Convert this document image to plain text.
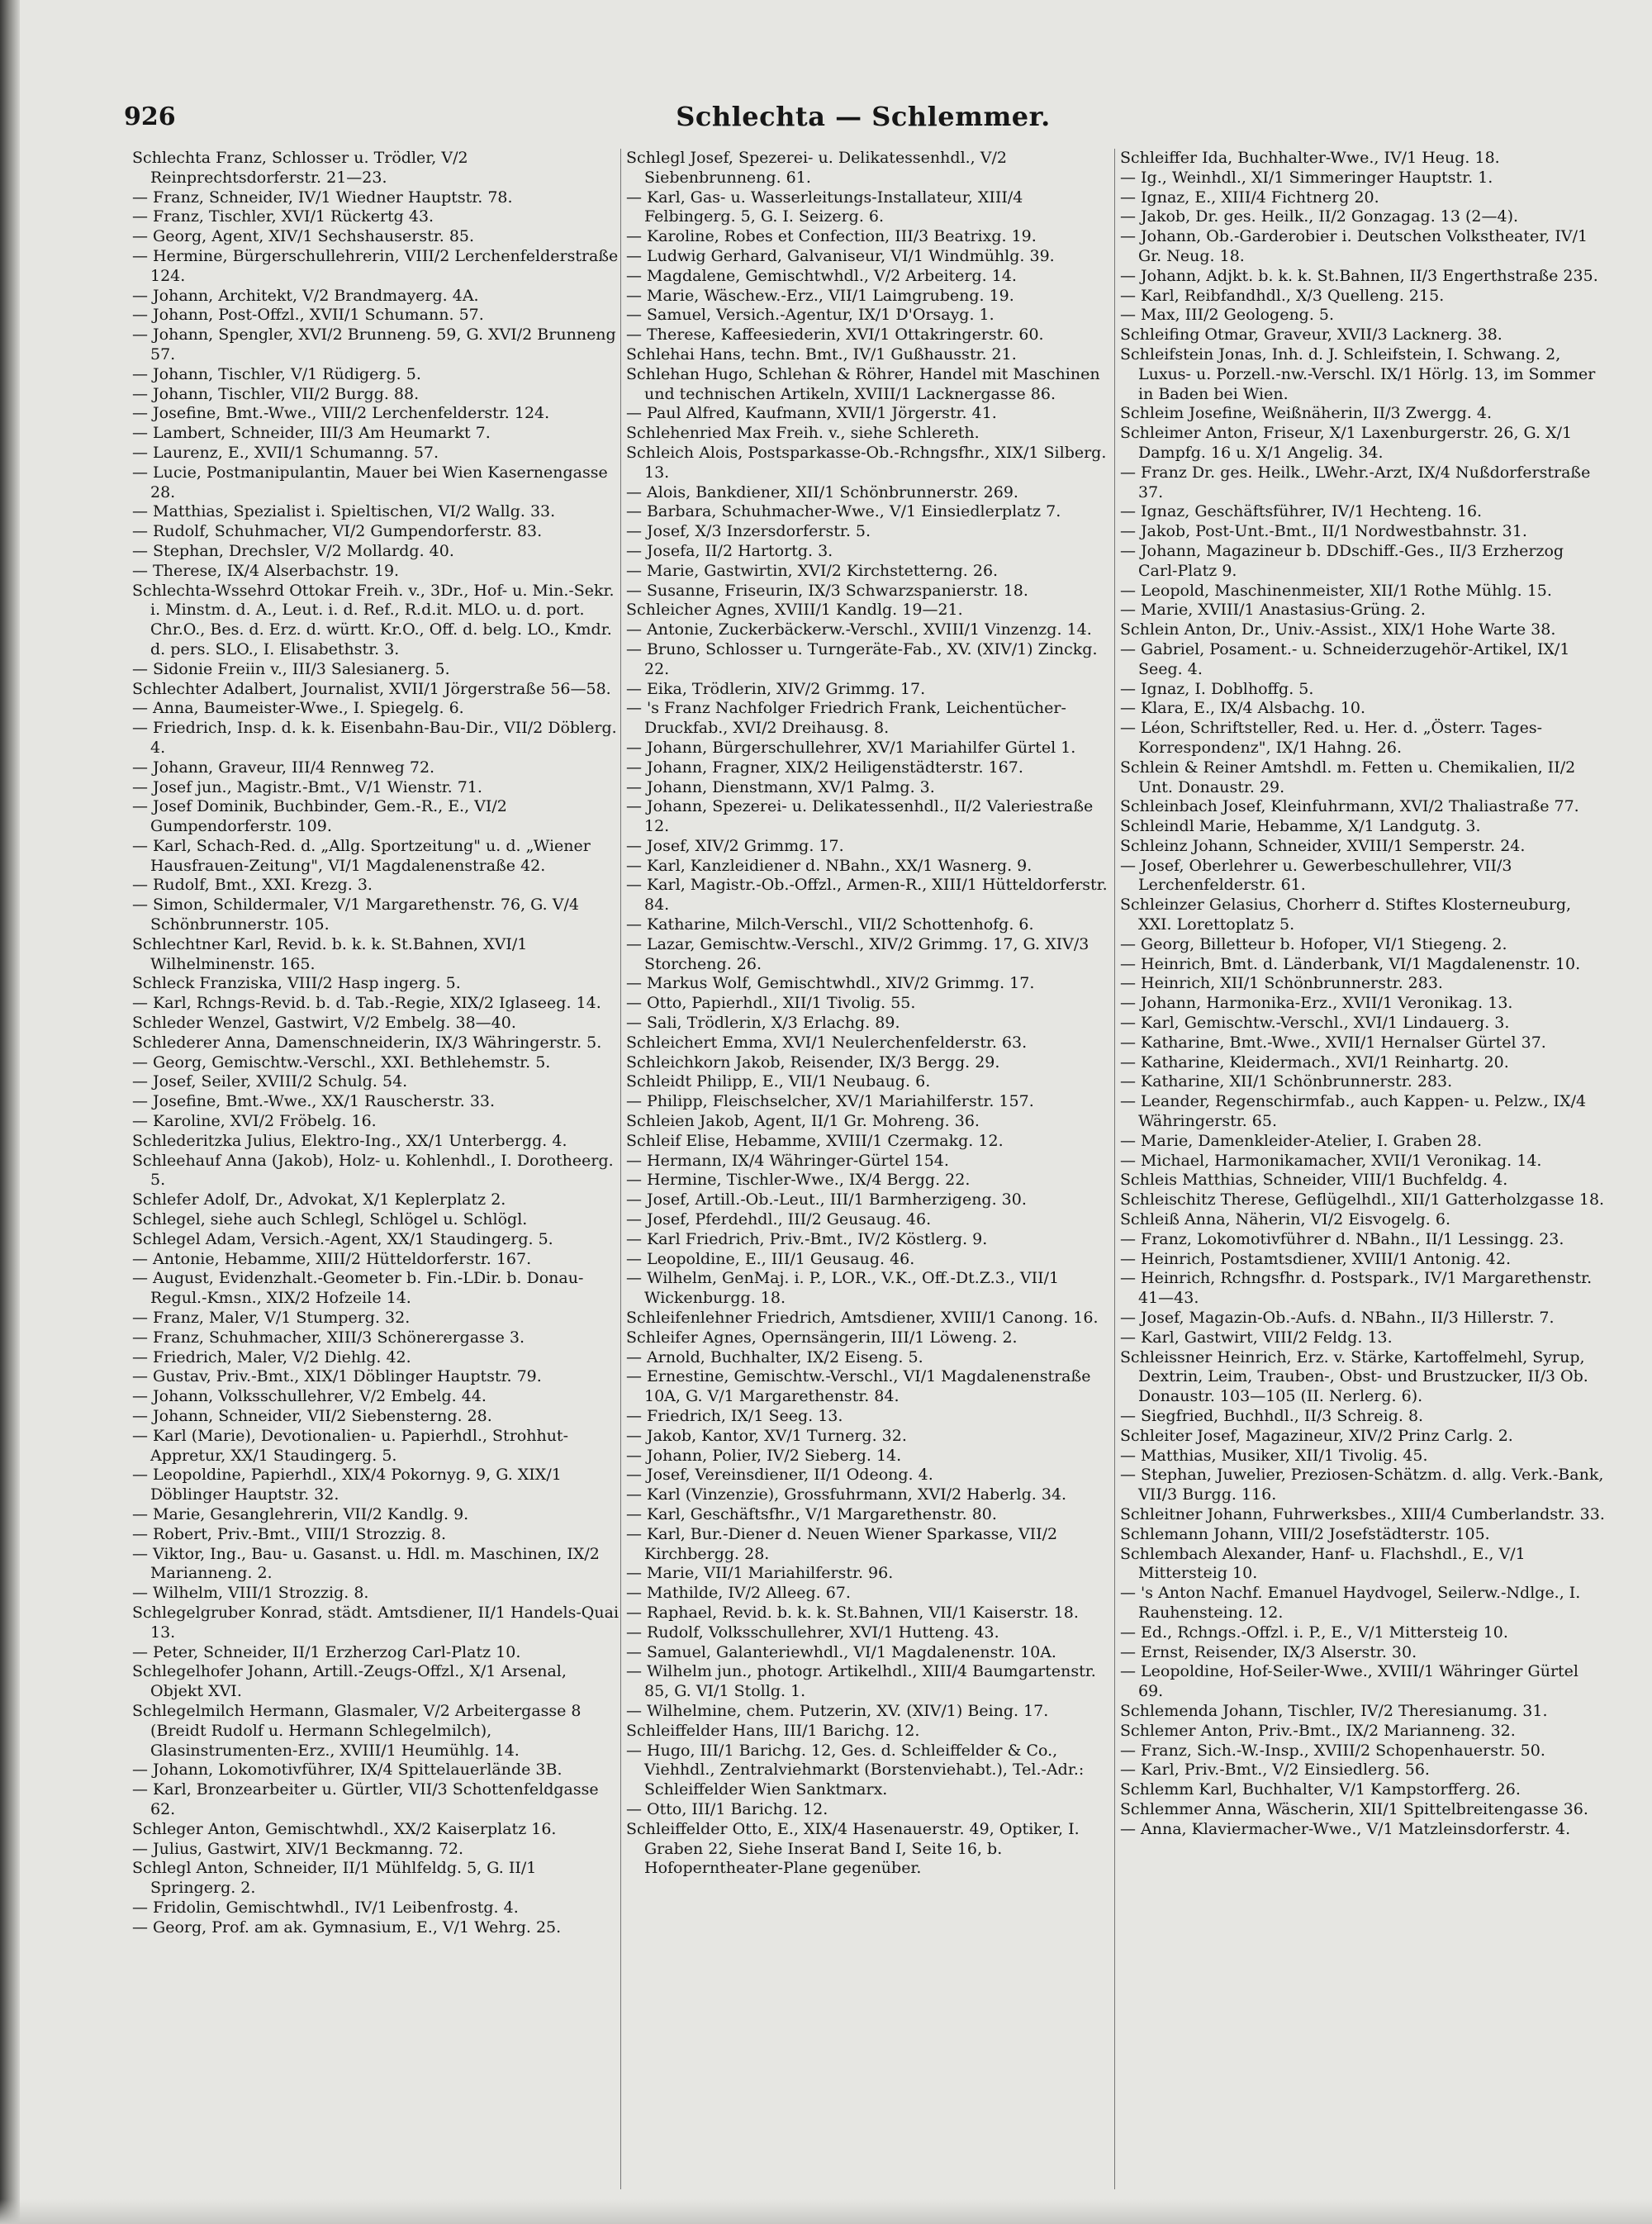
926	Schlechta — Schlemmer.

Schlechta Franz, Schlosser u. Trödler, V/2 Reinprechtsdorferstr. 21—23.

— Franz, Schneider, IV/1 Wiedner Hauptstr. 78.

— Franz, Tischler, XVI/1 Rückertg 43.

— Georg, Agent, XIV/1 Sechshauserstr. 85.

— Hermine, Bürgerschullehrerin, VIII/2 Lerchenfelderstraße 124.

— Johann, Architekt, V/2 Brandmayerg. 4A.

— Johann, Post-Offzl., XVII/1 Schumann. 57.

— Johann, Spengler, XVI/2 Brunneng. 59, G. XVI/2 Brunneng 57.

— Johann, Tischler, V/1 Rüdigerg. 5.

— Johann, Tischler, VII/2 Burgg. 88.

— Josefine, Bmt.-Wwe., VIII/2 Lerchenfelderstr. 124.

— Lambert, Schneider, III/3 Am Heumarkt 7.

— Laurenz, E., XVII/1 Schumanng. 57.

— Lucie, Postmanipulantin, Mauer bei Wien Kasernengasse 28.

— Matthias, Spezialist i. Spieltischen, VI/2 Wallg. 33.

— Rudolf, Schuhmacher, VI/2 Gumpendorferstr. 83.

— Stephan, Drechsler, V/2 Mollardg. 40.

— Therese, IX/4 Alserbachstr. 19.

Schlechta-Wssehrd Ottokar Freih. v., 3Dr., Hof- u. Min.-Sekr. i. Minstm. d. A., Leut. i. d. Ref., R.d.it. MLO. u. d. port. Chr.O., Bes. d. Erz. d. württ. Kr.O., Off. d. belg. LO., Kmdr. d. pers. SLO., I. Elisabethstr. 3.

— Sidonie Freiin v., III/3 Salesianerg. 5.

Schlechter Adalbert, Journalist, XVII/1 Jörgerstraße 56—58.

— Anna, Baumeister-Wwe., I. Spiegelg. 6.

— Friedrich, Insp. d. k. k. Eisenbahn-Bau-Dir., VII/2 Döblerg. 4.

— Johann, Graveur, III/4 Rennweg 72.

— Josef jun., Magistr.-Bmt., V/1 Wienstr. 71.

— Josef Dominik, Buchbinder, Gem.-R., E., VI/2 Gumpendorferstr. 109.

— Karl, Schach-Red. d. „Allg. Sportzeitung" u. d. „Wiener Hausfrauen-Zeitung", VI/1 Magdalenenstraße 42.

— Rudolf, Bmt., XXI. Krezg. 3.

— Simon, Schildermaler, V/1 Margarethenstr. 76, G. V/4 Schönbrunnerstr. 105.

Schlechtner Karl, Revid. b. k. k. St.Bahnen, XVI/1 Wilhelminenstr. 165.

Schleck Franziska, VIII/2 Hasp ingerg. 5.

— Karl, Rchngs-Revid. b. d. Tab.-Regie, XIX/2 Iglaseeg. 14.

Schleder Wenzel, Gastwirt, V/2 Embelg. 38—40.

Schlederer Anna, Damenschneiderin, IX/3 Währingerstr. 5.

— Georg, Gemischtw.-Verschl., XXI. Bethlehemstr. 5.

— Josef, Seiler, XVIII/2 Schulg. 54.

— Josefine, Bmt.-Wwe., XX/1 Rauscherstr. 33.

— Karoline, XVI/2 Fröbelg. 16.

Schlederitzka Julius, Elektro-Ing., XX/1 Unterbergg. 4.

Schleehauf Anna (Jakob), Holz- u. Kohlenhdl., I. Dorotheerg. 5.

Schlefer Adolf, Dr., Advokat, X/1 Keplerplatz 2.

Schlegel, siehe auch Schlegl, Schlögel u. Schlögl.

Schlegel Adam, Versich.-Agent, XX/1 Staudingerg. 5.

— Antonie, Hebamme, XIII/2 Hütteldorferstr. 167.

— August, Evidenzhalt.-Geometer b. Fin.-LDir. b. Donau-Regul.-Kmsn., XIX/2 Hofzeile 14.

— Franz, Maler, V/1 Stumperg. 32.

— Franz, Schuhmacher, XIII/3 Schönerergasse 3.

— Friedrich, Maler, V/2 Diehlg. 42.

— Gustav, Priv.-Bmt., XIX/1 Döblinger Hauptstr. 79.

— Johann, Volksschullehrer, V/2 Embelg. 44.

— Johann, Schneider, VII/2 Siebensterng. 28.

— Karl (Marie), Devotionalien- u. Papierhdl., Strohhut-Appretur, XX/1 Staudingerg. 5.

— Leopoldine, Papierhdl., XIX/4 Pokornyg. 9, G. XIX/1 Döblinger Hauptstr. 32.

— Marie, Gesanglehrerin, VII/2 Kandlg. 9.

— Robert, Priv.-Bmt., VIII/1 Strozzig. 8.

— Viktor, Ing., Bau- u. Gasanst. u. Hdl. m. Maschinen, IX/2 Marianneng. 2.

— Wilhelm, VIII/1 Strozzig. 8.

Schlegelgruber Konrad, städt. Amtsdiener, II/1 Handels-Quai 13.

— Peter, Schneider, II/1 Erzherzog Carl-Platz 10.

Schlegelhofer Johann, Artill.-Zeugs-Offzl., X/1 Arsenal, Objekt XVI.

Schlegelmilch Hermann, Glasmaler, V/2 Arbeitergasse 8 (Breidt Rudolf u. Hermann Schlegelmilch), Glasinstrumenten-Erz., XVIII/1 Heumühlg. 14.

— Johann, Lokomotivführer, IX/4 Spittelauerlände 3B.

— Karl, Bronzearbeiter u. Gürtler, VII/3 Schottenfeldgasse 62.

Schleger Anton, Gemischtwhdl., XX/2 Kaiserplatz 16.

— Julius, Gastwirt, XIV/1 Beckmanng. 72.

Schlegl Anton, Schneider, II/1 Mühlfeldg. 5, G. II/1 Springerg. 2.

— Fridolin, Gemischtwhdl., IV/1 Leibenfrostg. 4.

— Georg, Prof. am ak. Gymnasium, E., V/1 Wehrg. 25.

Schlegl Josef, Spezerei- u. Delikatessenhdl., V/2 Siebenbrunneng. 61.

— Karl, Gas- u. Wasserleitungs-Installateur, XIII/4 Felbingerg. 5, G. I. Seizerg. 6.

— Karoline, Robes et Confection, III/3 Beatrixg. 19.

— Ludwig Gerhard, Galvaniseur, VI/1 Windmühlg. 39.

— Magdalene, Gemischtwhdl., V/2 Arbeiterg. 14.

— Marie, Wäschew.-Erz., VII/1 Laimgrubeng. 19.

— Samuel, Versich.-Agentur, IX/1 D'Orsayg. 1.

— Therese, Kaffeesiederin, XVI/1 Ottakringerstr. 60.

Schlehai Hans, techn. Bmt., IV/1 Gußhausstr. 21.

Schlehan Hugo, Schlehan & Röhrer, Handel mit Maschinen und technischen Artikeln, XVIII/1 Lacknergasse 86.

— Paul Alfred, Kaufmann, XVII/1 Jörgerstr. 41.

Schlehenried Max Freih. v., siehe Schlereth.

Schleich Alois, Postsparkasse-Ob.-Rchngsfhr., XIX/1 Silberg. 13.

— Alois, Bankdiener, XII/1 Schönbrunnerstr. 269.

— Barbara, Schuhmacher-Wwe., V/1 Einsiedlerplatz 7.

— Josef, X/3 Inzersdorferstr. 5.

— Josefa, II/2 Hartortg. 3.

— Marie, Gastwirtin, XVI/2 Kirchstetterng. 26.

— Susanne, Friseurin, IX/3 Schwarzspanierstr. 18.

Schleicher Agnes, XVIII/1 Kandlg. 19—21.

— Antonie, Zuckerbäckerw.-Verschl., XVIII/1 Vinzenzg. 14.

— Bruno, Schlosser u. Turngeräte-Fab., XV. (XIV/1) Zinckg. 22.

— Eika, Trödlerin, XIV/2 Grimmg. 17.

— 's Franz Nachfolger Friedrich Frank, Leichentücher-Druckfab., XVI/2 Dreihausg. 8.

— Johann, Bürgerschullehrer, XV/1 Mariahilfer Gürtel 1.

— Johann, Fragner, XIX/2 Heiligenstädterstr. 167.

— Johann, Dienstmann, XV/1 Palmg. 3.

— Johann, Spezerei- u. Delikatessenhdl., II/2 Valeriestraße 12.

— Josef, XIV/2 Grimmg. 17.

— Karl, Kanzleidiener d. NBahn., XX/1 Wasnerg. 9.

— Karl, Magistr.-Ob.-Offzl., Armen-R., XIII/1 Hütteldorferstr. 84.

— Katharine, Milch-Verschl., VII/2 Schottenhofg. 6.

— Lazar, Gemischtw.-Verschl., XIV/2 Grimmg. 17, G. XIV/3 Storcheng. 26.

— Markus Wolf, Gemischtwhdl., XIV/2 Grimmg. 17.

— Otto, Papierhdl., XII/1 Tivolig. 55.

— Sali, Trödlerin, X/3 Erlachg. 89.

Schleichert Emma, XVI/1 Neulerchenfelderstr. 63.

Schleichkorn Jakob, Reisender, IX/3 Bergg. 29.

Schleidt Philipp, E., VII/1 Neubaug. 6.

— Philipp, Fleischselcher, XV/1 Mariahilferstr. 157.

Schleien Jakob, Agent, II/1 Gr. Mohreng. 36.

Schleif Elise, Hebamme, XVIII/1 Czermakg. 12.

— Hermann, IX/4 Währinger-Gürtel 154.

— Hermine, Tischler-Wwe., IX/4 Bergg. 22.

— Josef, Artill.-Ob.-Leut., III/1 Barmherzigeng. 30.

— Josef, Pferdehdl., III/2 Geusaug. 46.

— Karl Friedrich, Priv.-Bmt., IV/2 Köstlerg. 9.

— Leopoldine, E., III/1 Geusaug. 46.

— Wilhelm, GenMaj. i. P., LOR., V.K., Off.-Dt.Z.3., VII/1 Wickenburgg. 18.

Schleifenlehner Friedrich, Amtsdiener, XVIII/1 Canong. 16.

Schleifer Agnes, Opernsängerin, III/1 Löweng. 2.

— Arnold, Buchhalter, IX/2 Eiseng. 5.

— Ernestine, Gemischtw.-Verschl., VI/1 Magdalenenstraße 10A, G. V/1 Margarethenstr. 84.

— Friedrich, IX/1 Seeg. 13.

— Jakob, Kantor, XV/1 Turnerg. 32.

— Johann, Polier, IV/2 Sieberg. 14.

— Josef, Vereinsdiener, II/1 Odeong. 4.

— Karl (Vinzenzie), Grossfuhrmann, XVI/2 Haberlg. 34.

— Karl, Geschäftsfhr., V/1 Margarethenstr. 80.

— Karl, Bur.-Diener d. Neuen Wiener Sparkasse, VII/2 Kirchbergg. 28.

— Marie, VII/1 Mariahilferstr. 96.

— Mathilde, IV/2 Alleeg. 67.

— Raphael, Revid. b. k. k. St.Bahnen, VII/1 Kaiserstr. 18.

— Rudolf, Volksschullehrer, XVI/1 Hutteng. 43.

— Samuel, Galanteriewhdl., VI/1 Magdalenenstr. 10A.

— Wilhelm jun., photogr. Artikelhdl., XIII/4 Baumgartenstr. 85, G. VI/1 Stollg. 1.

— Wilhelmine, chem. Putzerin, XV. (XIV/1) Being. 17.

Schleiffelder Hans, III/1 Barichg. 12.

— Hugo, III/1 Barichg. 12, Ges. d. Schleiffelder & Co., Viehhdl., Zentralviehmarkt (Borstenviehabt.), Tel.-Adr.: Schleiffelder Wien Sanktmarx.

— Otto, III/1 Barichg. 12.

Schleiffelder Otto, E., XIX/4 Hasenauerstr. 49, Optiker, I. Graben 22, Siehe Inserat Band I, Seite 16, b. Hofoperntheater-Plane gegenüber.

Schleiffer Ida, Buchhalter-Wwe., IV/1 Heug. 18.

— Ig., Weinhdl., XI/1 Simmeringer Hauptstr. 1.

— Ignaz, E., XIII/4 Fichtnerg 20.

— Jakob, Dr. ges. Heilk., II/2 Gonzagag. 13 (2—4).

— Johann, Ob.-Garderobier i. Deutschen Volkstheater, IV/1 Gr. Neug. 18.

— Johann, Adjkt. b. k. k. St.Bahnen, II/3 Engerthstraße 235.

— Karl, Reibfandhdl., X/3 Quelleng. 215.

— Max, III/2 Geologeng. 5.

Schleifing Otmar, Graveur, XVII/3 Lacknerg. 38.

Schleifstein Jonas, Inh. d. J. Schleifstein, I. Schwang. 2, Luxus- u. Porzell.-nw.-Verschl. IX/1 Hörlg. 13, im Sommer in Baden bei Wien.

Schleim Josefine, Weißnäherin, II/3 Zwergg. 4.

Schleimer Anton, Friseur, X/1 Laxenburgerstr. 26, G. X/1 Dampfg. 16 u. X/1 Angelig. 34.

— Franz Dr. ges. Heilk., LWehr.-Arzt, IX/4 Nußdorferstraße 37.

— Ignaz, Geschäftsführer, IV/1 Hechteng. 16.

— Jakob, Post-Unt.-Bmt., II/1 Nordwestbahnstr. 31.

— Johann, Magazineur b. DDschiff.-Ges., II/3 Erzherzog Carl-Platz 9.

— Leopold, Maschinenmeister, XII/1 Rothe Mühlg. 15.

— Marie, XVIII/1 Anastasius-Grüng. 2.

Schlein Anton, Dr., Univ.-Assist., XIX/1 Hohe Warte 38.

— Gabriel, Posament.- u. Schneiderzugehör-Artikel, IX/1 Seeg. 4.

— Ignaz, I. Doblhoffg. 5.

— Klara, E., IX/4 Alsbachg. 10.

— Léon, Schriftsteller, Red. u. Her. d. „Österr. Tages-Korrespondenz", IX/1 Hahng. 26.

Schlein & Reiner Amtshdl. m. Fetten u. Chemikalien, II/2 Unt. Donaustr. 29.

Schleinbach Josef, Kleinfuhrmann, XVI/2 Thaliastraße 77.

Schleindl Marie, Hebamme, X/1 Landgutg. 3.

Schleinz Johann, Schneider, XVIII/1 Semperstr. 24.

— Josef, Oberlehrer u. Gewerbeschullehrer, VII/3 Lerchenfelderstr. 61.

Schleinzer Gelasius, Chorherr d. Stiftes Klosterneuburg, XXI. Lorettoplatz 5.

— Georg, Billetteur b. Hofoper, VI/1 Stiegeng. 2.

— Heinrich, Bmt. d. Länderbank, VI/1 Magdalenenstr. 10.

— Heinrich, XII/1 Schönbrunnerstr. 283.

— Johann, Harmonika-Erz., XVII/1 Veronikag. 13.

— Karl, Gemischtw.-Verschl., XVI/1 Lindauerg. 3.

— Katharine, Bmt.-Wwe., XVII/1 Hernalser Gürtel 37.

— Katharine, Kleidermach., XVI/1 Reinhartg. 20.

— Katharine, XII/1 Schönbrunnerstr. 283.

— Leander, Regenschirmfab., auch Kappen- u. Pelzw., IX/4 Währingerstr. 65.

— Marie, Damenkleider-Atelier, I. Graben 28.

— Michael, Harmonikamacher, XVII/1 Veronikag. 14.

Schleis Matthias, Schneider, VIII/1 Buchfeldg. 4.

Schleischitz Therese, Geflügelhdl., XII/1 Gatterholzgasse 18.

Schleiß Anna, Näherin, VI/2 Eisvogelg. 6.

— Franz, Lokomotivführer d. NBahn., II/1 Lessingg. 23.

— Heinrich, Postamtsdiener, XVIII/1 Antonig. 42.

— Heinrich, Rchngsfhr. d. Postspark., IV/1 Margarethenstr. 41—43.

— Josef, Magazin-Ob.-Aufs. d. NBahn., II/3 Hillerstr. 7.

— Karl, Gastwirt, VIII/2 Feldg. 13.

Schleissner Heinrich, Erz. v. Stärke, Kartoffelmehl, Syrup, Dextrin, Leim, Trauben-, Obst- und Brustzucker, II/3 Ob. Donaustr. 103—105 (II. Nerlerg. 6).

— Siegfried, Buchhdl., II/3 Schreig. 8.

Schleiter Josef, Magazineur, XIV/2 Prinz Carlg. 2.

— Matthias, Musiker, XII/1 Tivolig. 45.

— Stephan, Juwelier, Preziosen-Schätzm. d. allg. Verk.-Bank, VII/3 Burgg. 116.

Schleitner Johann, Fuhrwerksbes., XIII/4 Cumberlandstr. 33.

Schlemann Johann, VIII/2 Josefstädterstr. 105.

Schlembach Alexander, Hanf- u. Flachshdl., E., V/1 Mittersteig 10.

— 's Anton Nachf. Emanuel Haydvogel, Seilerw.-Ndlge., I. Rauhensteing. 12.

— Ed., Rchngs.-Offzl. i. P., E., V/1 Mittersteig 10.

— Ernst, Reisender, IX/3 Alserstr. 30.

— Leopoldine, Hof-Seiler-Wwe., XVIII/1 Währinger Gürtel 69.

Schlemenda Johann, Tischler, IV/2 Theresianumg. 31.

Schlemer Anton, Priv.-Bmt., IX/2 Marianneng. 32.

— Franz, Sich.-W.-Insp., XVIII/2 Schopenhauerstr. 50.

— Karl, Priv.-Bmt., V/2 Einsiedlerg. 56.

Schlemm Karl, Buchhalter, V/1 Kampstorfferg. 26.

Schlemmer Anna, Wäscherin, XII/1 Spittelbreitengasse 36.

— Anna, Klaviermacher-Wwe., V/1 Matzleinsdorferstr. 4.
